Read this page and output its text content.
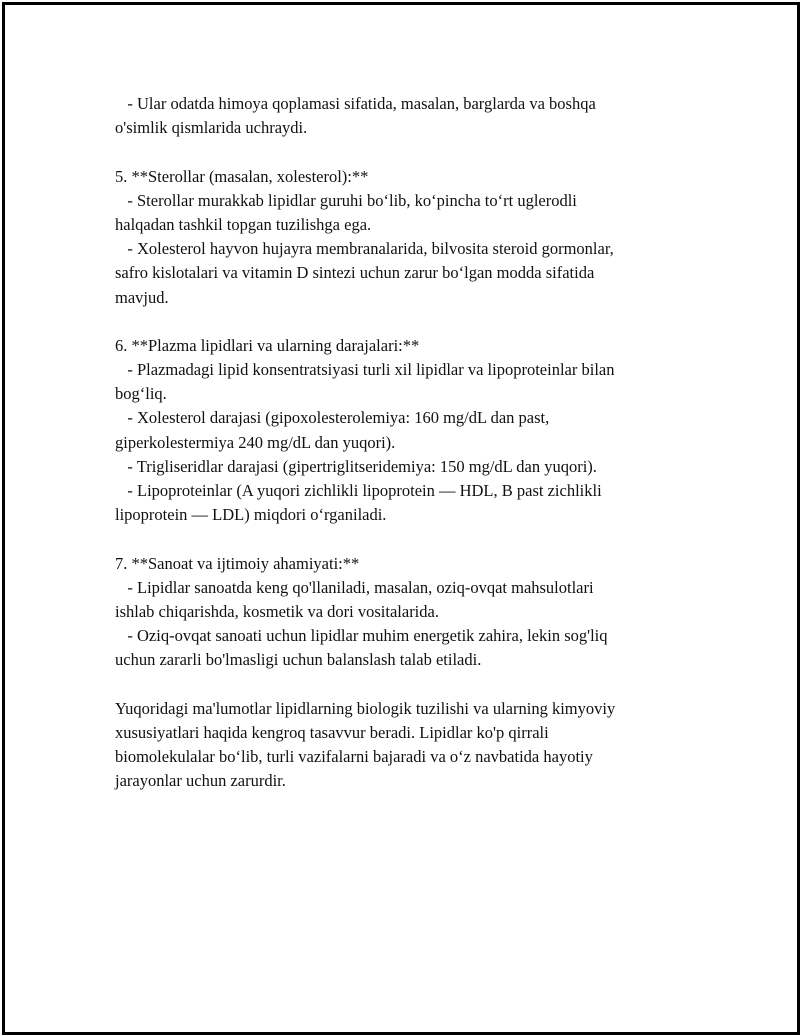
- Ular odatda himoya qoplamasi sifatida, masalan, barglarda va boshqa

o'simlik qismlarida uchraydi.

5. **Sterollar (masalan, xolesterol):**

- Sterollar murakkab lipidlar guruhi bo‘lib, ko‘pincha to‘rt uglerodli

halqadan tashkil topgan tuzilishga ega.

- Xolesterol hayvon hujayra membranalarida, bilvosita steroid gormonlar,

safro kislotalari va vitamin D sintezi uchun zarur bo‘lgan modda sifatida

mavjud.

6. **Plazma lipidlari va ularning darajalari:**

- Plazmadagi lipid konsentratsiyasi turli xil lipidlar va lipoproteinlar bilan

bog‘liq.

- Xolesterol darajasi (gipoxolesterolemiya: 160 mg/dL dan past,

giperkolestermiya 240 mg/dL dan yuqori).

- Trigliseridlar darajasi (gipertriglitseridemiya: 150 mg/dL dan yuqori).

- Lipoproteinlar (A yuqori zichlikli lipoprotein — HDL, B past zichlikli

lipoprotein — LDL) miqdori o‘rganiladi.

7. **Sanoat va ijtimoiy ahamiyati:**

- Lipidlar sanoatda keng qo'llaniladi, masalan, oziq-ovqat mahsulotlari

ishlab chiqarishda, kosmetik va dori vositalarida.

- Oziq-ovqat sanoati uchun lipidlar muhim energetik zahira, lekin sog'liq

uchun zararli bo'lmasligi uchun balanslash talab etiladi.

Yuqoridagi ma'lumotlar lipidlarning biologik tuzilishi va ularning kimyoviy

xususiyatlari haqida kengroq tasavvur beradi. Lipidlar ko'p qirrali

biomolekulalar bo‘lib, turli vazifalarni bajaradi va o‘z navbatida hayotiy

jarayonlar uchun zarurdir.
